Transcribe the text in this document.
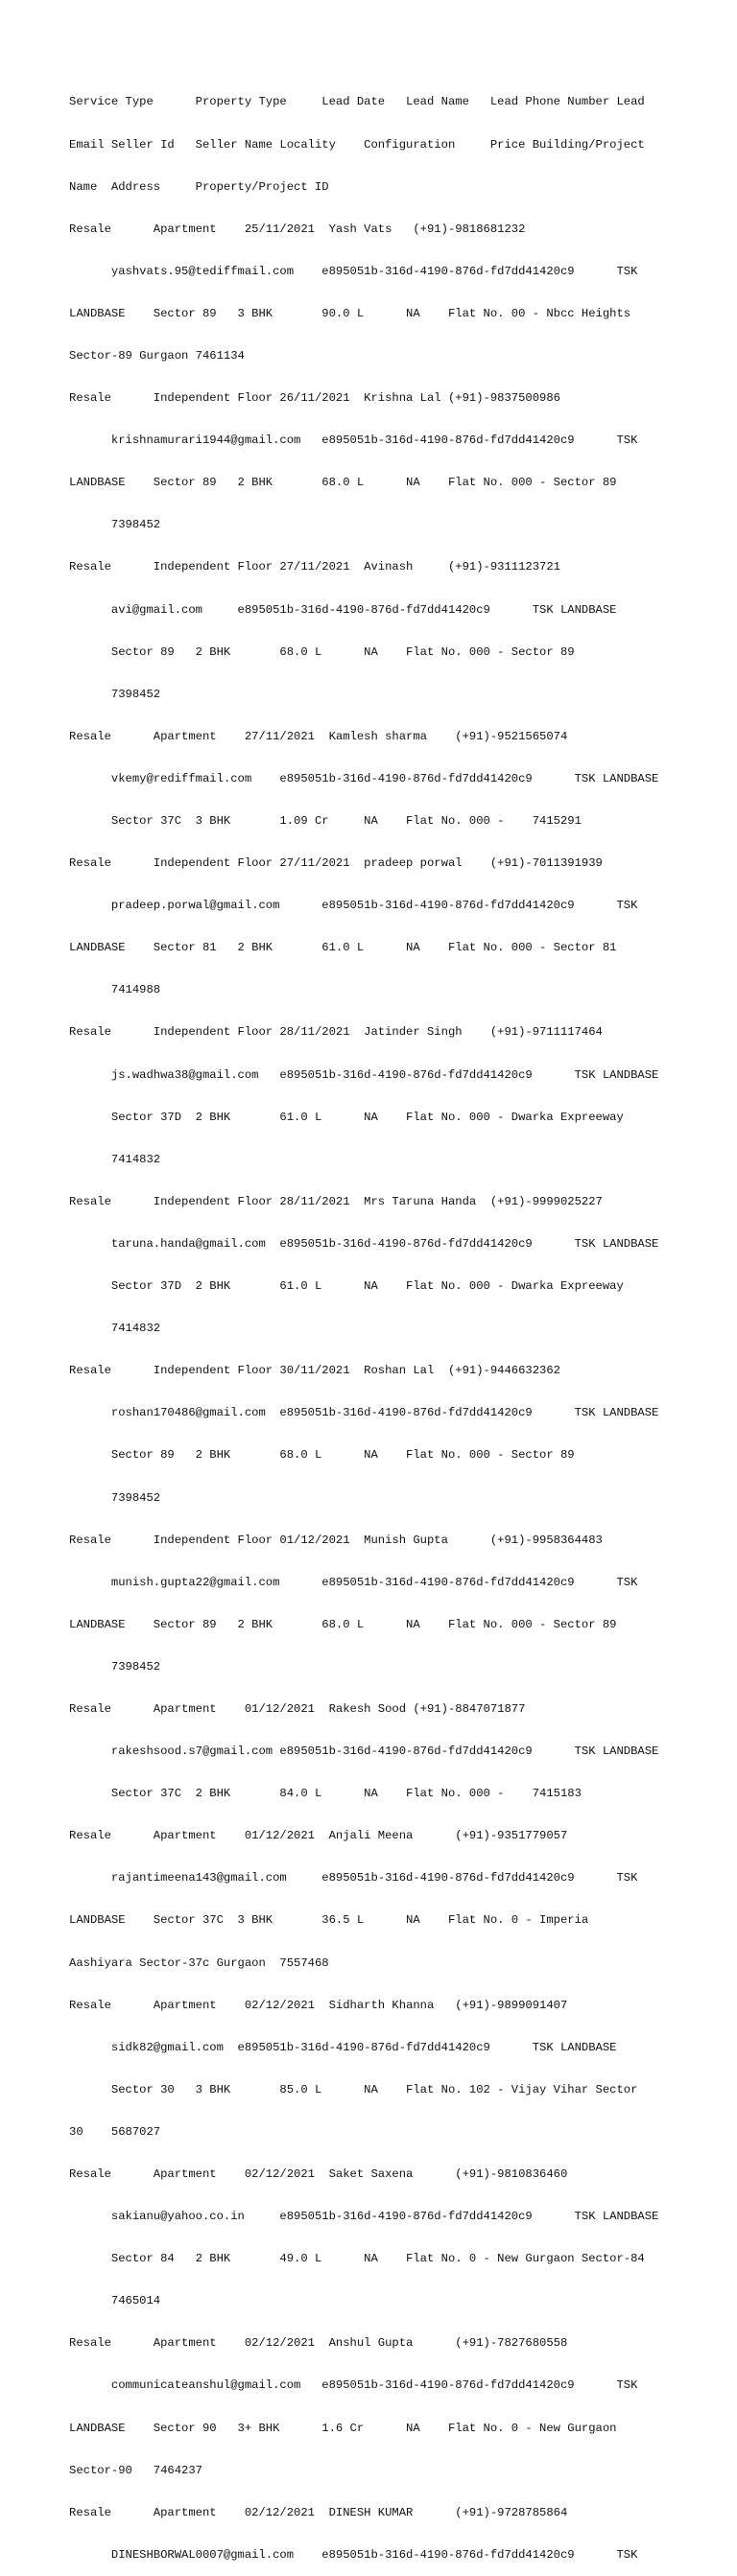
Service Type      Property Type     Lead Date   Lead Name   Lead Phone Number Lead

Email Seller Id   Seller Name Locality    Configuration     Price Building/Project

Name  Address     Property/Project ID

Resale      Apartment    25/11/2021  Yash Vats   (+91)-9818681232

yashvats.95@tediffmail.com    e895051b-316d-4190-876d-fd7dd41420c9      TSK

LANDBASE    Sector 89   3 BHK       90.0 L      NA    Flat No. 00 - Nbcc Heights

Sector-89 Gurgaon 7461134

Resale      Independent Floor 26/11/2021  Krishna Lal (+91)-9837500986

krishnamurari1944@gmail.com   e895051b-316d-4190-876d-fd7dd41420c9      TSK

LANDBASE    Sector 89   2 BHK       68.0 L      NA    Flat No. 000 - Sector 89

7398452

Resale      Independent Floor 27/11/2021  Avinash     (+91)-9311123721

avi@gmail.com     e895051b-316d-4190-876d-fd7dd41420c9      TSK LANDBASE

Sector 89   2 BHK       68.0 L      NA    Flat No. 000 - Sector 89

7398452

Resale      Apartment    27/11/2021  Kamlesh sharma    (+91)-9521565074

vkemy@rediffmail.com    e895051b-316d-4190-876d-fd7dd41420c9      TSK LANDBASE

Sector 37C  3 BHK       1.09 Cr     NA    Flat No. 000 -    7415291

Resale      Independent Floor 27/11/2021  pradeep porwal    (+91)-7011391939

pradeep.porwal@gmail.com      e895051b-316d-4190-876d-fd7dd41420c9      TSK

LANDBASE    Sector 81   2 BHK       61.0 L      NA    Flat No. 000 - Sector 81

7414988

Resale      Independent Floor 28/11/2021  Jatinder Singh    (+91)-9711117464

js.wadhwa38@gmail.com   e895051b-316d-4190-876d-fd7dd41420c9      TSK LANDBASE

Sector 37D  2 BHK       61.0 L      NA    Flat No. 000 - Dwarka Expreeway

7414832

Resale      Independent Floor 28/11/2021  Mrs Taruna Handa  (+91)-9999025227

taruna.handa@gmail.com  e895051b-316d-4190-876d-fd7dd41420c9      TSK LANDBASE

Sector 37D  2 BHK       61.0 L      NA    Flat No. 000 - Dwarka Expreeway

7414832

Resale      Independent Floor 30/11/2021  Roshan Lal  (+91)-9446632362

roshan170486@gmail.com  e895051b-316d-4190-876d-fd7dd41420c9      TSK LANDBASE

Sector 89   2 BHK       68.0 L      NA    Flat No. 000 - Sector 89

7398452

Resale      Independent Floor 01/12/2021  Munish Gupta      (+91)-9958364483

munish.gupta22@gmail.com      e895051b-316d-4190-876d-fd7dd41420c9      TSK

LANDBASE    Sector 89   2 BHK       68.0 L      NA    Flat No. 000 - Sector 89

7398452

Resale      Apartment    01/12/2021  Rakesh Sood (+91)-8847071877

rakeshsood.s7@gmail.com e895051b-316d-4190-876d-fd7dd41420c9      TSK LANDBASE

Sector 37C  2 BHK       84.0 L      NA    Flat No. 000 -    7415183

Resale      Apartment    01/12/2021  Anjali Meena      (+91)-9351779057

rajantimeena143@gmail.com     e895051b-316d-4190-876d-fd7dd41420c9      TSK

LANDBASE    Sector 37C  3 BHK       36.5 L      NA    Flat No. 0 - Imperia

Aashiyara Sector-37c Gurgaon  7557468

Resale      Apartment    02/12/2021  Sidharth Khanna   (+91)-9899091407

sidk82@gmail.com  e895051b-316d-4190-876d-fd7dd41420c9      TSK LANDBASE

Sector 30   3 BHK       85.0 L      NA    Flat No. 102 - Vijay Vihar Sector

30    5687027

Resale      Apartment    02/12/2021  Saket Saxena      (+91)-9810836460

sakianu@yahoo.co.in     e895051b-316d-4190-876d-fd7dd41420c9      TSK LANDBASE

Sector 84   2 BHK       49.0 L      NA    Flat No. 0 - New Gurgaon Sector-84

7465014

Resale      Apartment    02/12/2021  Anshul Gupta      (+91)-7827680558

communicateanshul@gmail.com   e895051b-316d-4190-876d-fd7dd41420c9      TSK

LANDBASE    Sector 90   3+ BHK      1.6 Cr      NA    Flat No. 0 - New Gurgaon

Sector-90   7464237

Resale      Apartment    02/12/2021  DINESH KUMAR      (+91)-9728785864

DINESHBORWAL0007@gmail.com    e895051b-316d-4190-876d-fd7dd41420c9      TSK
